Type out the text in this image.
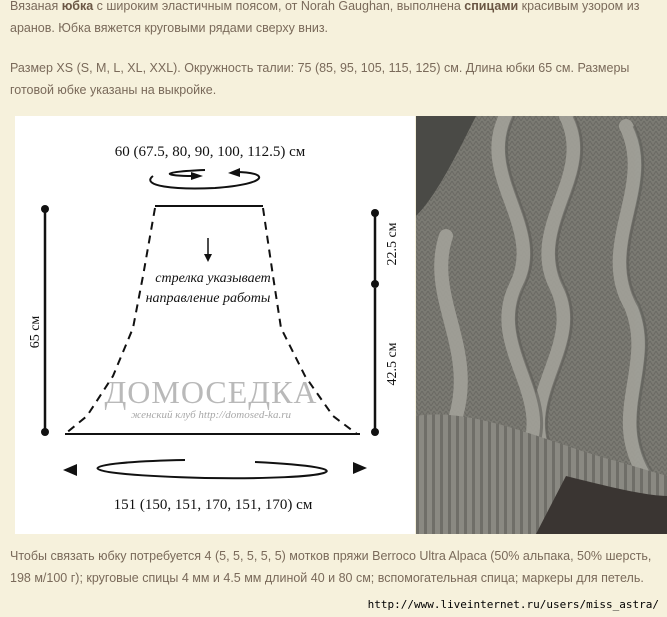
Вязаная юбка с широким эластичным поясом, от Norah Gaughan, выполнена спицами красивым узором из аранов. Юбка вяжется круговыми рядами сверху вниз.

Размер XS (S, M, L, XL, XXL). Окружность талии: 75 (85, 95, 105, 115, 125) см. Длина юбки 65 см. Размеры готовой юбке указаны на выкройке.

60 (67.5, 80, 90, 100, 112.5) см
стрелка указывает
направление работы
65 см
22.5 см
42.5 см
ДОМОСЕДКА
женский клуб http://domosed-ka.ru
151 (150, 151, 170, 151, 170) см

Чтобы связать юбку потребуется 4 (5, 5, 5, 5, 5) мотков пряжи Berroco Ultra Alpaca (50% альпака, 50% шерсть, 198 м/100 г); круговые спицы 4 мм и 4.5 мм длиной 40 и 80 см; вспомогательная спица; маркеры для петель.

http://www.liveinternet.ru/users/miss_astra/
